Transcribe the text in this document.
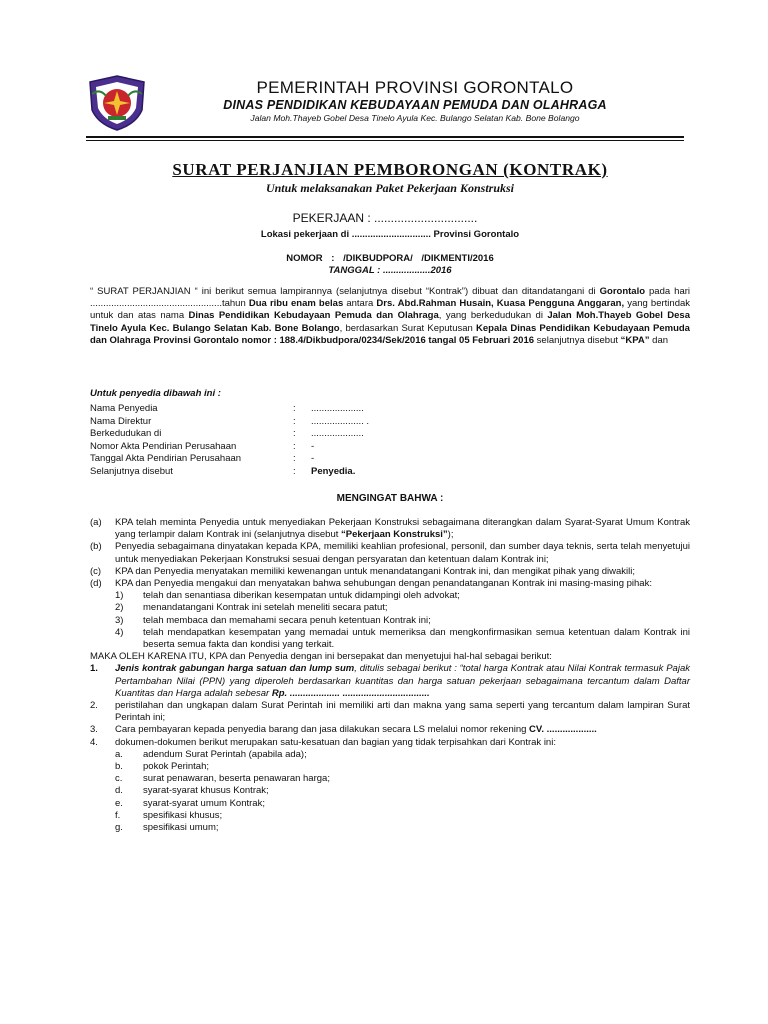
PEMERINTAH PROVINSI GORONTALO
DINAS PENDIDIKAN KEBUDAYAAN PEMUDA DAN OLAHRAGA
Jalan Moh.Thayeb Gobel Desa Tinelo Ayula Kec. Bulango Selatan Kab. Bone Bolango
SURAT PERJANJIAN PEMBORONGAN (KONTRAK)
Untuk melaksanakan Paket Pekerjaan Konstruksi
PEKERJAAN : ...............................
Lokasi pekerjaan di .............................. Provinsi Gorontalo
NOMOR : /DIKBUDPORA/ /DIKMENTI/2016
TANGGAL : ..................2016
“ SURAT PERJANJIAN “ ini berikut semua lampirannya (selanjutnya disebut “Kontrak”) dibuat dan ditandatangani di Gorontalo pada hari ..................................................tahun Dua ribu enam belas antara Drs. Abd.Rahman Husain, Kuasa Pengguna Anggaran, yang bertindak untuk dan atas nama Dinas Pendidikan Kebudayaan Pemuda dan Olahraga, yang berkedudukan di Jalan Moh.Thayeb Gobel Desa Tinelo Ayula Kec. Bulango Selatan Kab. Bone Bolango, berdasarkan Surat Keputusan Kepala Dinas Pendidikan Kebudayaan Pemuda dan Olahraga Provinsi Gorontalo nomor : 188.4/Dikbudpora/0234/Sek/2016 tangal 05 Februari 2016 selanjutnya disebut “KPA” dan
Untuk penyedia dibawah ini :
Nama Penyedia	:	....................
Nama Direktur	:	.................... .
Berkedudukan di	:	....................
Nomor Akta Pendirian Perusahaan	:	-
Tanggal Akta Pendirian Perusahaan	:	-
Selanjutnya disebut	:	Penyedia.
MENGINGAT BAHWA :
(a)	KPA telah meminta Penyedia untuk menyediakan Pekerjaan Konstruksi sebagaimana diterangkan dalam Syarat-Syarat Umum Kontrak yang terlampir dalam Kontrak ini (selanjutnya disebut “Pekerjaan Konstruksi”);
(b)	Penyedia sebagaimana dinyatakan kepada KPA, memiliki keahlian profesional, personil, dan sumber daya teknis, serta telah menyetujui untuk menyediakan Pekerjaan Konstruksi sesuai dengan persyaratan dan ketentuan dalam Kontrak ini;
(c)	KPA dan Penyedia menyatakan memiliki kewenangan untuk menandatangani Kontrak ini, dan mengikat pihak yang diwakili;
(d)	KPA dan Penyedia mengakui dan menyatakan bahwa sehubungan dengan penandatanganan Kontrak ini masing-masing pihak:
1)	telah dan senantiasa diberikan kesempatan untuk didampingi oleh advokat;
2)	menandatangani Kontrak ini setelah meneliti secara patut;
3)	telah membaca dan memahami secara penuh ketentuan Kontrak ini;
4)	telah mendapatkan kesempatan yang memadai untuk memeriksa dan mengkonfirmasikan semua ketentuan dalam Kontrak ini beserta semua fakta dan kondisi yang terkait.
MAKA OLEH KARENA ITU, KPA dan Penyedia dengan ini bersepakat dan menyetujui hal-hal sebagai berikut:
1.	Jenis kontrak gabungan harga satuan dan lump sum, ditulis sebagai berikut : “total harga Kontrak atau Nilai Kontrak termasuk Pajak Pertambahan Nilai (PPN) yang diperoleh berdasarkan kuantitas dan harga satuan pekerjaan sebagaimana tercantum dalam Daftar Kuantitas dan Harga adalah sebesar Rp. ................... .................................
2.	peristilahan dan ungkapan dalam Surat Perintah ini memiliki arti dan makna yang sama seperti yang tercantum dalam lampiran Surat Perintah ini;
3.	Cara pembayaran kepada penyedia barang dan jasa dilakukan secara LS melalui nomor rekening CV. ...................
4.	dokumen-dokumen berikut merupakan satu-kesatuan dan bagian yang tidak terpisahkan dari Kontrak ini:
a.	adendum Surat Perintah (apabila ada);
b.	pokok Perintah;
c.	surat penawaran, beserta penawaran harga;
d.	syarat-syarat khusus Kontrak;
e.	syarat-syarat umum Kontrak;
f.	spesifikasi khusus;
g.	spesifikasi umum;
